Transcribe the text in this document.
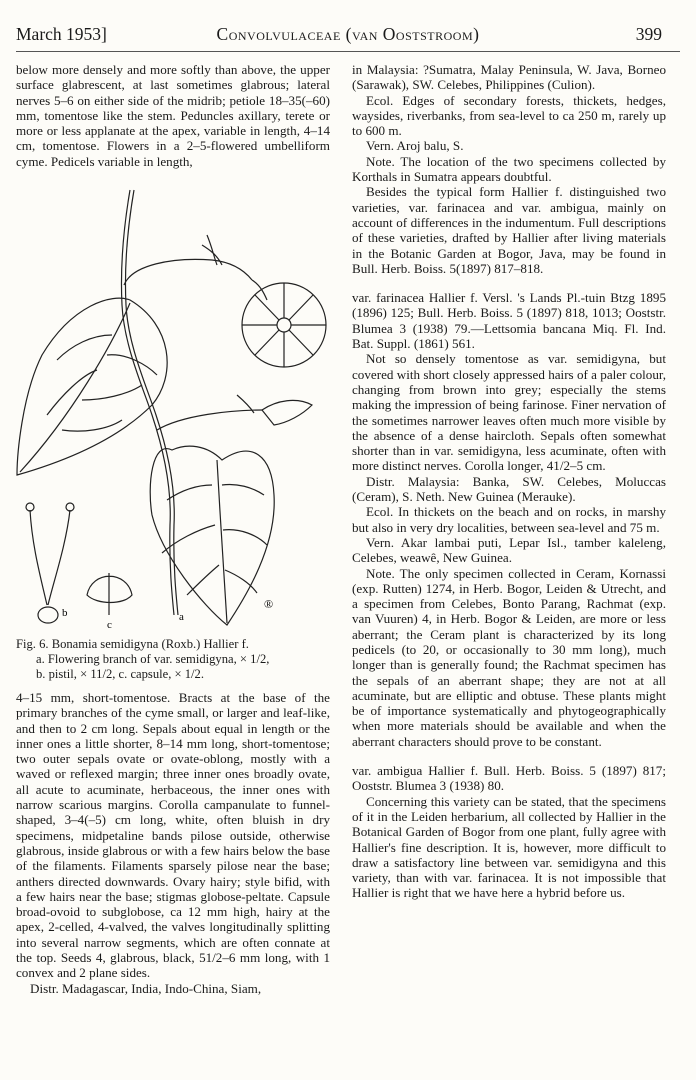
March 1953]	Convolvulaceae (van Ooststroom)	399

below more densely and more softly than above, the upper surface glabrescent, at last sometimes glabrous; lateral nerves 5–6 on either side of the midrib; petiole 18–35(–60) mm, tomentose like the stem. Peduncles axillary, terete or more or less applanate at the apex, variable in length, 4–14 cm, tomentose. Flowers in a 2–5-flowered umbelliform cyme. Pedicels variable in length,

b
c
a
®

Fig. 6. Bonamia semidigyna (Roxb.) Hallier f.

a. Flowering branch of var. semidigyna, × 1/2,

b. pistil, × 11/2, c. capsule, × 1/2.

4–15 mm, short-tomentose. Bracts at the base of the primary branches of the cyme small, or larger and leaf-like, and then to 2 cm long. Sepals about equal in length or the inner ones a little shorter, 8–14 mm long, short-tomentose; two outer sepals ovate or ovate-oblong, mostly with a waved or reflexed margin; three inner ones broadly ovate, all acute to acuminate, herbaceous, the inner ones with narrow scarious margins. Corolla campanulate to funnel-shaped, 3–4(–5) cm long, white, often bluish in dry specimens, midpetaline bands pilose outside, otherwise glabrous, inside glabrous or with a few hairs below the base of the filaments. Filaments sparsely pilose near the base; anthers directed downwards. Ovary hairy; style bifid, with a few hairs near the base; stigmas globose-peltate. Capsule broad-ovoid to subglobose, ca 12 mm high, hairy at the apex, 2-celled, 4-valved, the valves longitudinally splitting into several narrow segments, which are often connate at the top. Seeds 4, glabrous, black, 51/2–6 mm long, with 1 convex and 2 plane sides.

Distr. Madagascar, India, Indo-China, Siam,

in Malaysia: ?Sumatra, Malay Peninsula, W. Java, Borneo (Sarawak), SW. Celebes, Philippines (Culion).

Ecol. Edges of secondary forests, thickets, hedges, waysides, riverbanks, from sea-level to ca 250 m, rarely up to 600 m.

Vern. Aroj balu, S.

Note. The location of the two specimens collected by Korthals in Sumatra appears doubtful.

Besides the typical form Hallier f. distinguished two varieties, var. farinacea and var. ambigua, mainly on account of differences in the indumentum. Full descriptions of these varieties, drafted by Hallier after living materials in the Botanic Garden at Bogor, Java, may be found in Bull. Herb. Boiss. 5(1897) 817–818.

var. farinacea Hallier f. Versl. 's Lands Pl.-tuin Btzg 1895 (1896) 125; Bull. Herb. Boiss. 5 (1897) 818, 1013; Ooststr. Blumea 3 (1938) 79.—Lettsomia bancana Miq. Fl. Ind. Bat. Suppl. (1861) 561.

Not so densely tomentose as var. semidigyna, but covered with short closely appressed hairs of a paler colour, changing from brown into grey; especially the stems making the impression of being farinose. Finer nervation of the sometimes narrower leaves often much more visible by the absence of a dense haircloth. Sepals often somewhat shorter than in var. semidigyna, less acuminate, often with more distinct nerves. Corolla longer, 41/2–5 cm.

Distr. Malaysia: Banka, SW. Celebes, Moluccas (Ceram), S. Neth. New Guinea (Merauke).

Ecol. In thickets on the beach and on rocks, in marshy but also in very dry localities, between sea-level and 75 m.

Vern. Akar lambai puti, Lepar Isl., tamber kaleleng, Celebes, weawê, New Guinea.

Note. The only specimen collected in Ceram, Kornassi (exp. Rutten) 1274, in Herb. Bogor, Leiden & Utrecht, and a specimen from Celebes, Bonto Parang, Rachmat (exp. van Vuuren) 4, in Herb. Bogor & Leiden, are more or less aberrant; the Ceram plant is characterized by its long pedicels (to 20, or occasionally to 30 mm long), much longer than is generally found; the Rachmat specimen has the sepals of an aberrant shape; they are not at all acuminate, but are elliptic and obtuse. These plants might be of importance systematically and phytogeographically when more materials should be available and when the aberrant characters should prove to be constant.

var. ambigua Hallier f. Bull. Herb. Boiss. 5 (1897) 817; Ooststr. Blumea 3 (1938) 80.

Concerning this variety can be stated, that the specimens of it in the Leiden herbarium, all collected by Hallier in the Botanical Garden of Bogor from one plant, fully agree with Hallier's fine description. It is, however, more difficult to draw a satisfactory line between var. semidigyna and this variety, than with var. farinacea. It is not impossible that Hallier is right that we have here a hybrid before us.
